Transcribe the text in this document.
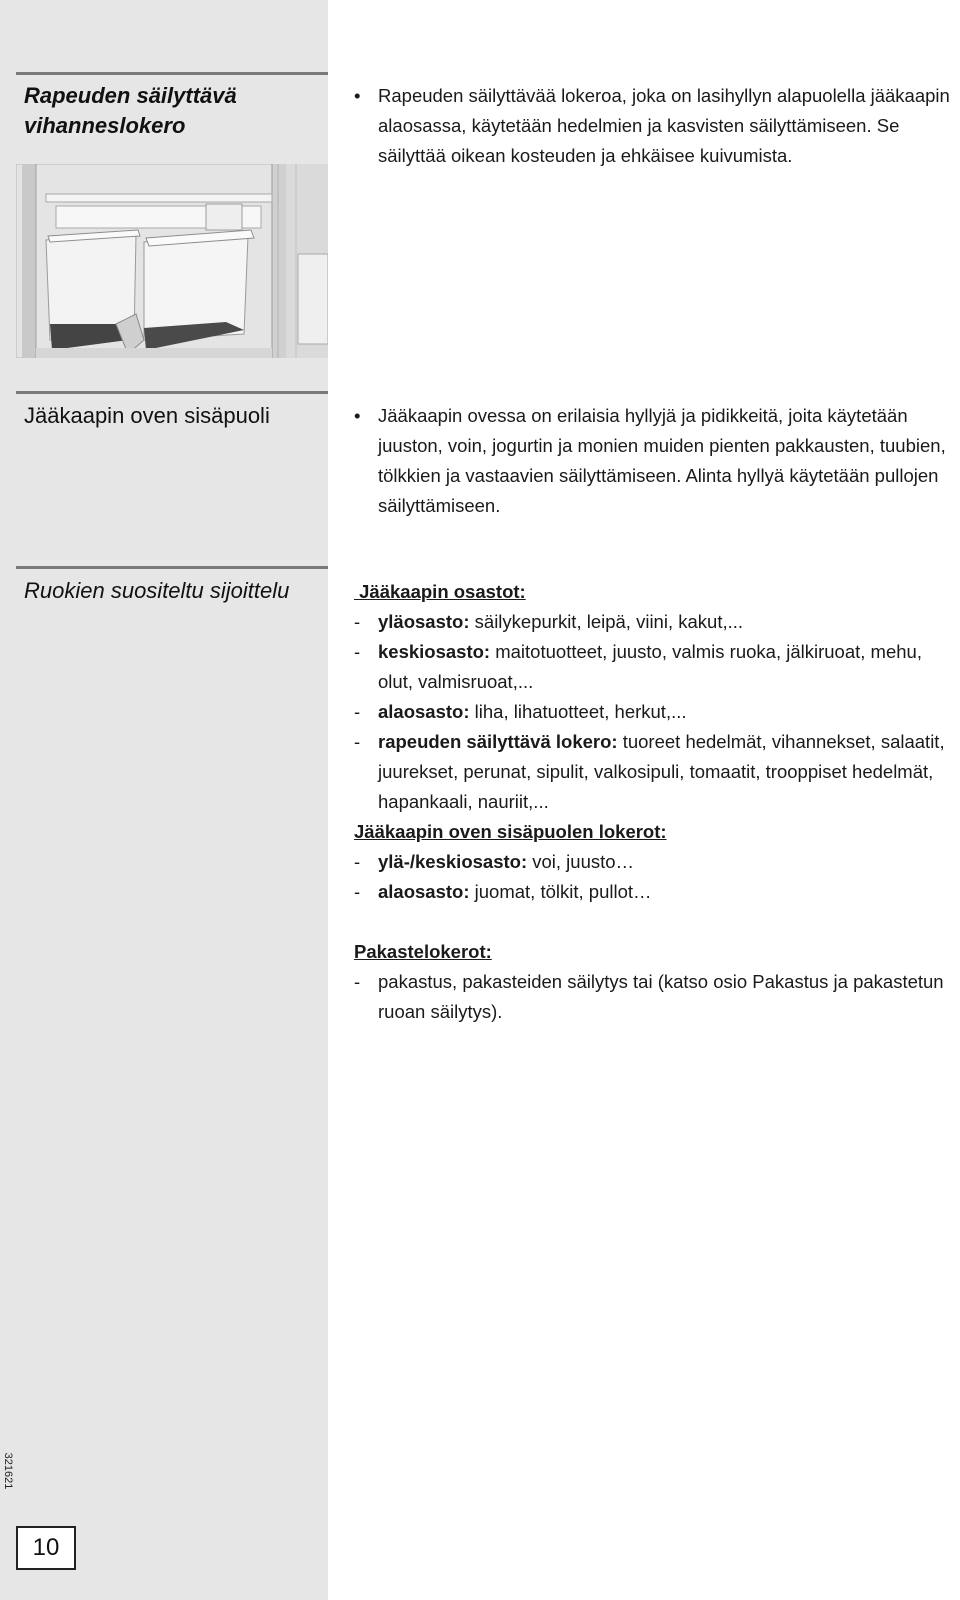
Rapeuden säilyttävä vihanneslokero
• Rapeuden säilyttävää lokeroa, joka on lasihyllyn alapuolella jääkaapin alaosassa, käytetään hedelmien ja kasvisten säilyttämiseen. Se säilyttää oikean kosteuden ja ehkäisee kuivumista.
Jääkaapin oven sisäpuoli	• Jääkaapin ovessa on erilaisia hyllyjä ja pidikkeitä, joita käytetään juuston, voin, jogurtin ja monien muiden pienten pakkausten, tuubien, tölkkien ja vastaavien säilyttämiseen. Alinta hyllyä käytetään pullojen säilyttämiseen.
Ruokien suositeltu sijoittelu	Jääkaapin osastot:
- yläosasto: säilykepurkit, leipä, viini, kakut,...
- keskiosasto: maitotuotteet, juusto, valmis ruoka, jälkiruoat, mehu, olut, valmisruoat,...
- alaosasto: liha, lihatuotteet, herkut,...
- rapeuden säilyttävä lokero: tuoreet hedelmät, vihannekset, salaatit, juurekset, perunat, sipulit, valkosipuli, tomaatit, trooppiset hedelmät, hapankaali, nauriit,...
Jääkaapin oven sisäpuolen lokerot:
- ylä-/keskiosasto: voi, juusto…
- alaosasto: juomat, tölkit, pullot…
Pakastelokerot:
- pakastus, pakasteiden säilytys tai (katso osio Pakastus ja pakastetun ruoan säilytys).
321621
10
